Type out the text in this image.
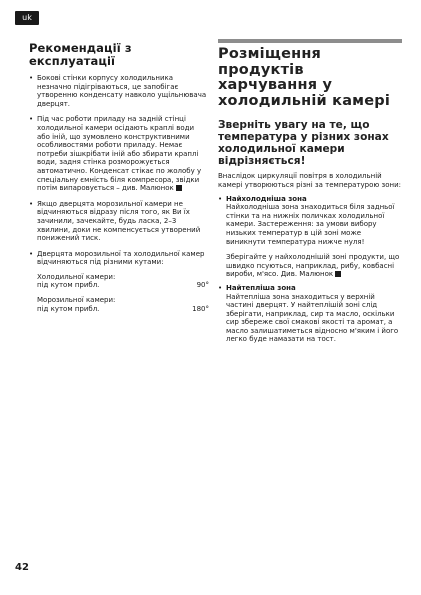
uk
Рекомендації з експлуатації
• Бокові стінки корпусу холодильника незначно підігріваються, це запобігає утворенню конденсату навколо ущільнювача дверцят.
• Під час роботи приладу на задній стінці холодильної камери осідають краплі води або іній, що зумовлено конструктивними особливостями роботи приладу. Немає потреби зішкрібати іній або збирати краплі води, задня стінка розморожується автоматично. Конденсат стікає по жолобу у спеціальну ємність біля компресора, звідки потім випаровується – див. Малюнок
• Якщо дверцята морозильної камери не відчиняються відразу після того, як Ви їх зачинили, зачекайте, будь ласка, 2–3 хвилини, доки не компенсується утворений понижений тиск.
• Дверцята морозильної та холодильної камер відчиняються під різними кутами:
Холодильної камери:
під кутом прибл.	90°
Морозильної камери:
під кутом прибл.	180°
Розміщення продуктів харчування у холодильній камері
Зверніть увагу на те, що температура у різних зонах холодильної камери відрізняється!

Внаслідок циркуляції повітря в холодильній камері утворюються різні за температурою зони:

• Найхолодніша зона
Найхолодніша зона знаходиться біля задньої стінки та на нижніх поличках холодильної камери. Застереження: за умови вибору низьких температур в цій зоні може виникнути температура нижче нуля!
Зберігайте у найхолоднішій зоні продукти, що швидко псуються, наприклад, рибу, ковбасні вироби, м'ясо. Див. Малюнок
• Найтепліша зона
Найтепліша зона знаходиться у верхній частині дверцят. У найтеплішій зоні слід зберігати, наприклад, сир та масло, оскільки сир збереже свої смакові якості та аромат, а масло залишатиметься відносно м'яким і його легко буде намазати на тост.
42
